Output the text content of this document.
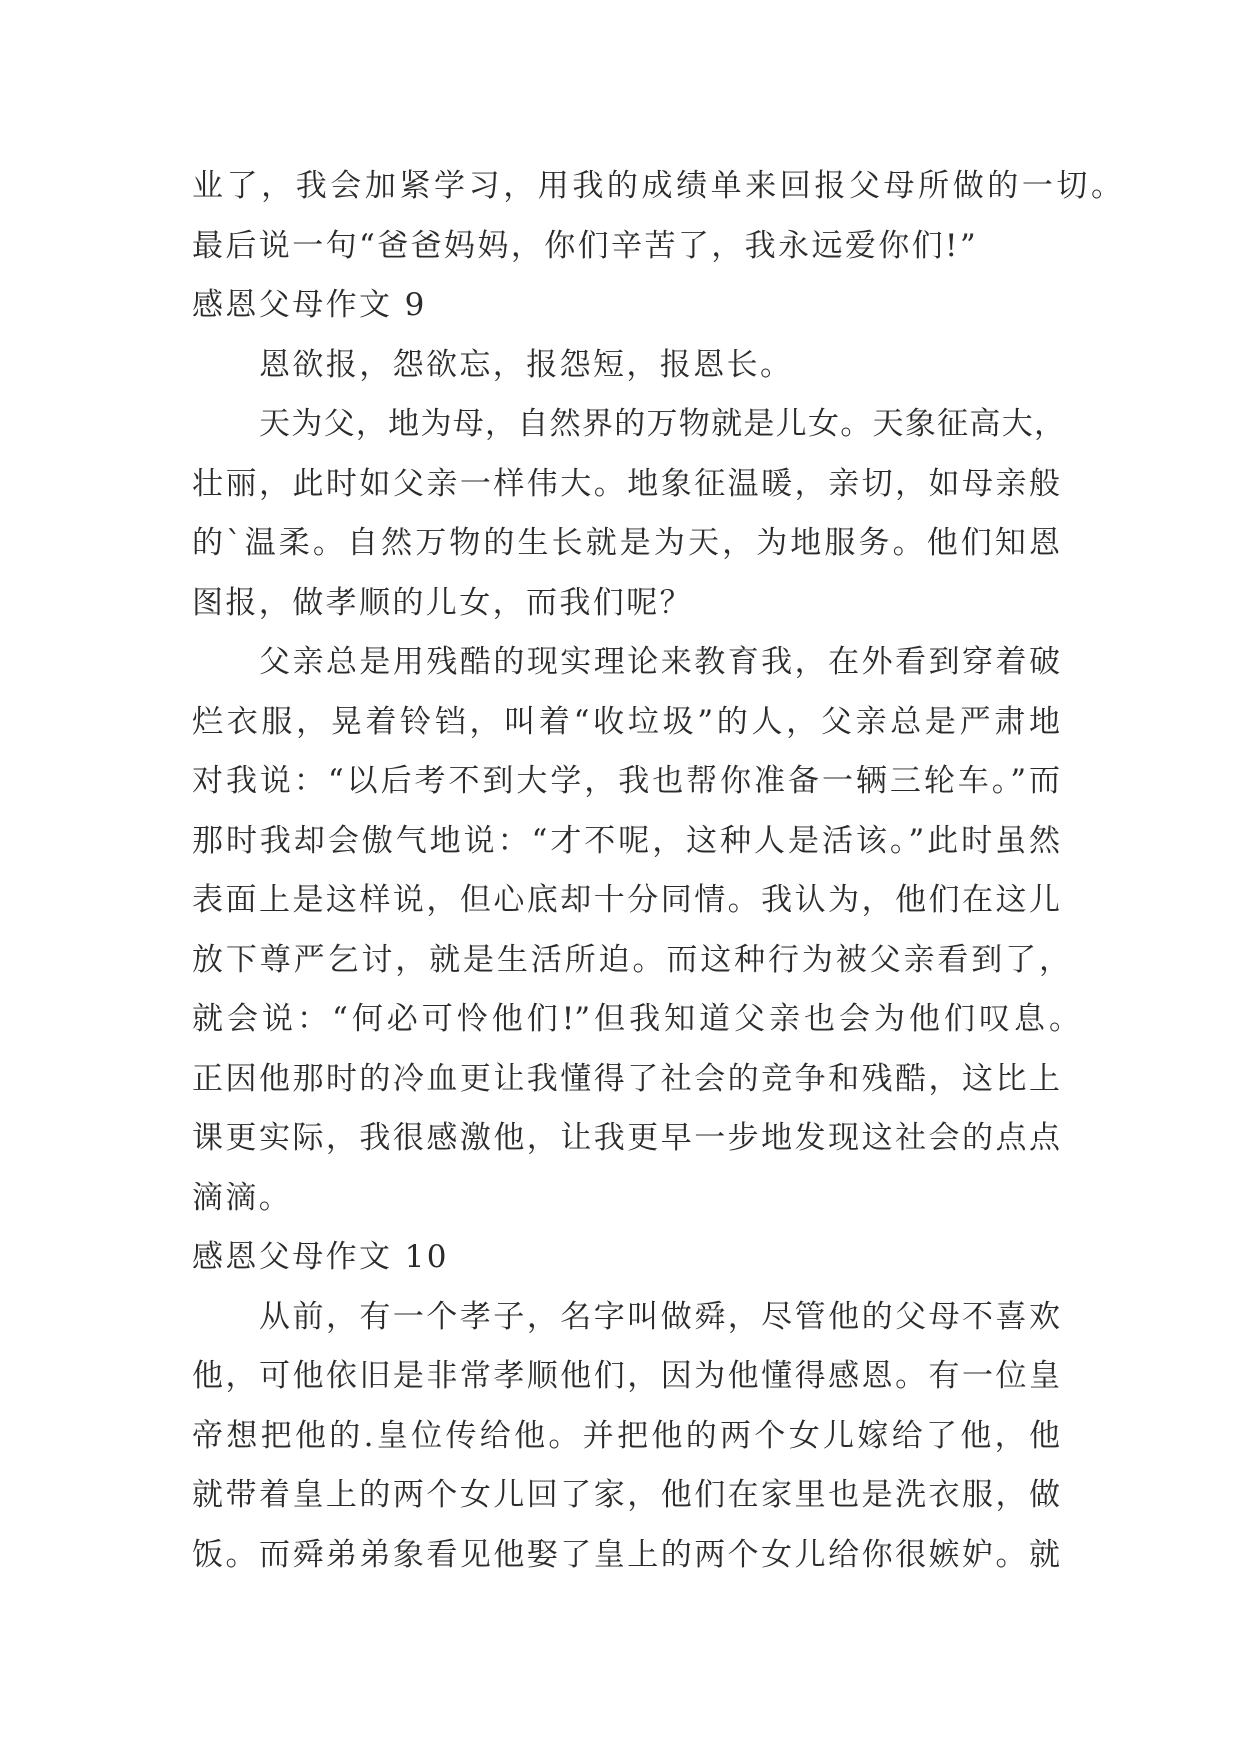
业了，我会加紧学习，用我的成绩单来回报父母所做的一切。
最后说一句“爸爸妈妈，你们辛苦了，我永远爱你们!”
感恩父母作文 9
恩欲报，怨欲忘，报怨短，报恩长。
天为父，地为母，自然界的万物就是儿女。天象征高大，
壮丽，此时如父亲一样伟大。地象征温暖，亲切，如母亲般
的`温柔。自然万物的生长就是为天，为地服务。他们知恩
图报，做孝顺的儿女，而我们呢？
父亲总是用残酷的现实理论来教育我，在外看到穿着破
烂衣服，晃着铃铛，叫着“收垃圾”的人，父亲总是严肃地
对我说：“以后考不到大学，我也帮你准备一辆三轮车。”而
那时我却会傲气地说：“才不呢，这种人是活该。”此时虽然
表面上是这样说，但心底却十分同情。我认为，他们在这儿
放下尊严乞讨，就是生活所迫。而这种行为被父亲看到了，
就会说：“何必可怜他们!”但我知道父亲也会为他们叹息。
正因他那时的冷血更让我懂得了社会的竞争和残酷，这比上
课更实际，我很感激他，让我更早一步地发现这社会的点点
滴滴。
感恩父母作文 10
从前，有一个孝子，名字叫做舜，尽管他的父母不喜欢
他，可他依旧是非常孝顺他们，因为他懂得感恩。有一位皇
帝想把他的.皇位传给他。并把他的两个女儿嫁给了他，他
就带着皇上的两个女儿回了家，他们在家里也是洗衣服，做
饭。而舜弟弟象看见他娶了皇上的两个女儿给你很嫉妒。就
